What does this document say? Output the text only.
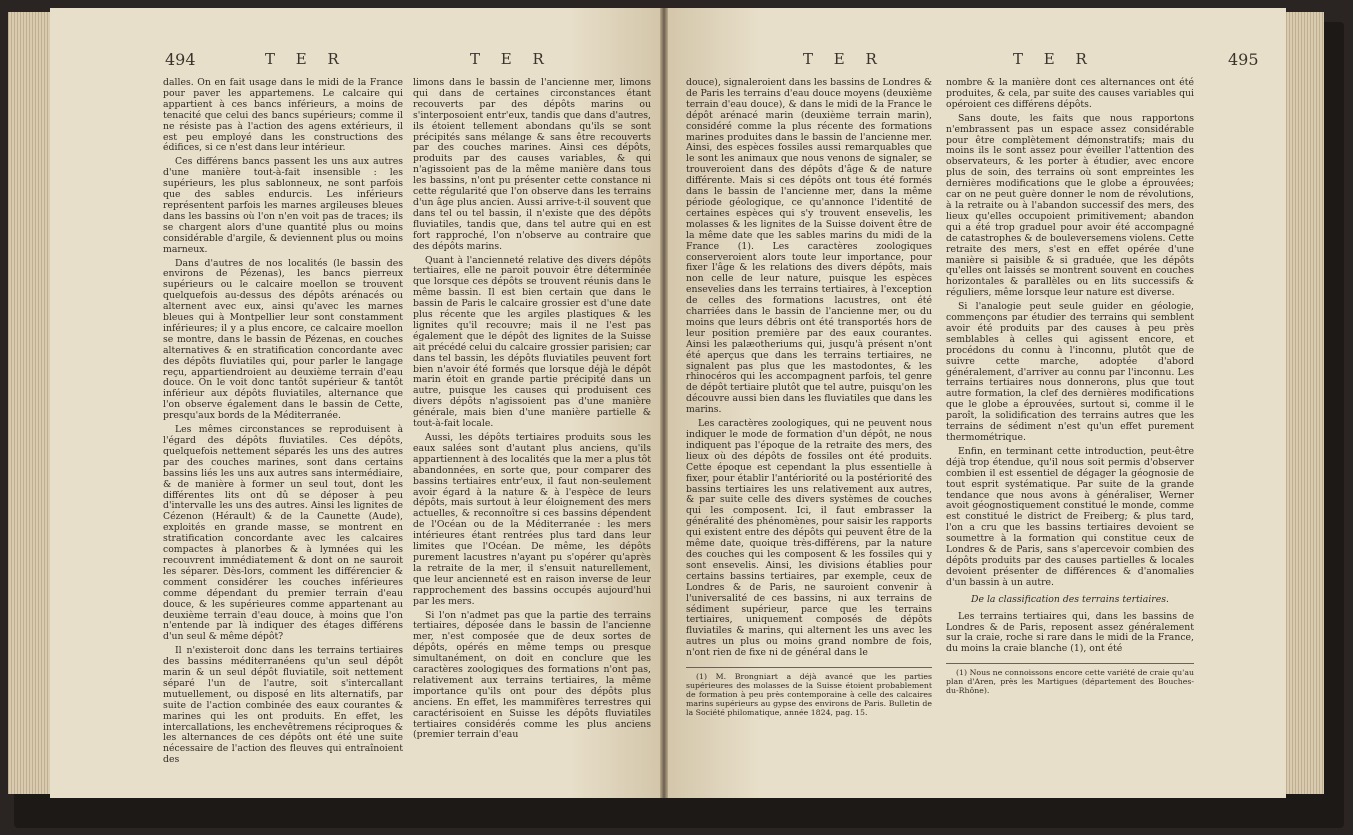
494	T E R	T E R

dalles. On en fait usage dans le midi de la France pour paver les appartemens. Le calcaire qui appartient à ces bancs inférieurs, a moins de tenacité que celui des bancs supérieurs; comme il ne résiste pas à l'action des agens extérieurs, il est peu employé dans les constructions des édifices, si ce n'est dans leur intérieur.

Ces différens bancs passent les uns aux autres d'une manière tout-à-fait insensible : les supérieurs, les plus sablonneux, ne sont parfois que des sables endurcis. Les inférieurs représentent parfois les marnes argileuses bleues dans les bassins où l'on n'en voit pas de traces; ils se chargent alors d'une quantité plus ou moins considérable d'argile, & deviennent plus ou moins marneux.

Dans d'autres de nos localités (le bassin des environs de Pézenas), les bancs pierreux supérieurs ou le calcaire moellon se trouvent quelquefois au-dessus des dépôts arénacés ou alternent avec eux, ainsi qu'avec les marnes bleues qui à Montpellier leur sont constamment inférieures; il y a plus encore, ce calcaire moellon se montre, dans le bassin de Pézenas, en couches alternatives & en stratification concordante avec des dépôts fluviatiles qui, pour parler le langage reçu, appartiendroient au deuxième terrain d'eau douce. On le voit donc tantôt supérieur & tantôt inférieur aux dépôts fluviatiles, alternance que l'on observe également dans le bassin de Cette, presqu'aux bords de la Méditerranée.

Les mêmes circonstances se reproduisent à l'égard des dépôts fluviatiles. Ces dépôts, quelquefois nettement séparés les uns des autres par des couches marines, sont dans certains bassins liés les uns aux autres sans intermédiaire, & de manière à former un seul tout, dont les différentes lits ont dû se déposer à peu d'intervalle les uns des autres. Ainsi les lignites de Cézenon (Hérault) & de la Caunette (Aude), exploités en grande masse, se montrent en stratification concordante avec les calcaires compactes à planorbes & à lymnées qui les recouvrent immédiatement & dont on ne sauroit les séparer. Dès-lors, comment les différencier & comment considérer les couches inférieures comme dépendant du premier terrain d'eau douce, & les supérieures comme appartenant au deuxième terrain d'eau douce, à moins que l'on n'entende par là indiquer des étages différens d'un seul & même dépôt?

Il n'existeroit donc dans les terrains tertiaires des bassins méditerranéens qu'un seul dépôt marin & un seul dépôt fluviatile, soit nettement séparé l'un de l'autre, soit s'intercallant mutuellement, ou disposé en lits alternatifs, par suite de l'action combinée des eaux courantes & marines qui les ont produits. En effet, les intercallations, les enchevêtremens réciproques & les alternances de ces dépôts ont été une suite nécessaire de l'action des fleuves qui entraînoient des

limons dans le bassin de l'ancienne mer, limons qui dans de certaines circonstances étant recouverts par des dépôts marins ou s'interposoient entr'eux, tandis que dans d'autres, ils étoient tellement abondans qu'ils se sont précipités sans mélange & sans être recouverts par des couches marines. Ainsi ces dépôts, produits par des causes variables, & qui n'agissoient pas de la même manière dans tous les bassins, n'ont pu présenter cette constance ni cette régularité que l'on observe dans les terrains d'un âge plus ancien. Aussi arrive-t-il souvent que dans tel ou tel bassin, il n'existe que des dépôts fluviatiles, tandis que, dans tel autre qui en est fort rapproché, l'on n'observe au contraire que des dépôts marins.

Quant à l'ancienneté relative des divers dépôts tertiaires, elle ne paroit pouvoir être déterminée que lorsque ces dépôts se trouvent réunis dans le même bassin. Il est bien certain que dans le bassin de Paris le calcaire grossier est d'une date plus récente que les argiles plastiques & les lignites qu'il recouvre; mais il ne l'est pas également que le dépôt des lignites de la Suisse ait précédé celui du calcaire grossier parisien; car dans tel bassin, les dépôts fluviatiles peuvent fort bien n'avoir été formés que lorsque déjà le dépôt marin étoit en grande partie précipité dans un autre, puisque les causes qui produisent ces divers dépôts n'agissoient pas d'une manière générale, mais bien d'une manière partielle & tout-à-fait locale.

Aussi, les dépôts tertiaires produits sous les eaux salées sont d'autant plus anciens, qu'ils appartiennent à des localités que la mer a plus tôt abandonnées, en sorte que, pour comparer des bassins tertiaires entr'eux, il faut non-seulement avoir égard à la nature & à l'espèce de leurs dépôts, mais surtout à leur éloignement des mers actuelles, & reconnoître si ces bassins dépendent de l'Océan ou de la Méditerranée : les mers intérieures étant rentrées plus tard dans leur limites que l'Océan. De même, les dépôts purement lacustres n'ayant pu s'opérer qu'après la retraite de la mer, il s'ensuit naturellement, que leur ancienneté est en raison inverse de leur rapprochement des bassins occupés aujourd'hui par les mers.

Si l'on n'admet pas que la partie des terrains tertiaires, déposée dans le bassin de l'ancienne mer, n'est composée que de deux sortes de dépôts, opérés en même temps ou presque simultanément, on doit en conclure que les caractères zoologiques des formations n'ont pas, relativement aux terrains tertiaires, la même importance qu'ils ont pour des dépôts plus anciens. En effet, les mammifères terrestres qui caractérisoient en Suisse les dépôts fluviatiles tertiaires considérés comme les plus anciens (premier terrain d'eau

T E R	T E R	495

douce), signaleroient dans les bassins de Londres & de Paris les terrains d'eau douce moyens (deuxième terrain d'eau douce), & dans le midi de la France le dépôt arénacé marin (deuxième terrain marin), considéré comme la plus récente des formations marines produites dans le bassin de l'ancienne mer. Ainsi, des espèces fossiles aussi remarquables que le sont les animaux que nous venons de signaler, se trouveroient dans des dépôts d'âge & de nature différente. Mais si ces dépôts ont tous été formés dans le bassin de l'ancienne mer, dans la même période géologique, ce qu'annonce l'identité de certaines espèces qui s'y trouvent ensevelis, les molasses & les lignites de la Suisse doivent être de la même date que les sables marins du midi de la France (1). Les caractères zoologiques conserveroient alors toute leur importance, pour fixer l'âge & les relations des divers dépôts, mais non celle de leur nature, puisque les espèces ensevelies dans les terrains tertiaires, à l'exception de celles des formations lacustres, ont été charriées dans le bassin de l'ancienne mer, ou du moins que leurs débris ont été transportés hors de leur position première par des eaux courantes. Ainsi les palæotheriums qui, jusqu'à présent n'ont été aperçus que dans les terrains tertiaires, ne signalent pas plus que les mastodontes, & les rhinocéros qui les accompagnent parfois, tel genre de dépôt tertiaire plutôt que tel autre, puisqu'on les découvre aussi bien dans les fluviatiles que dans les marins.

Les caractères zoologiques, qui ne peuvent nous indiquer le mode de formation d'un dépôt, ne nous indiquent pas l'époque de la retraite des mers, des lieux où des dépôts de fossiles ont été produits. Cette époque est cependant la plus essentielle à fixer, pour établir l'antériorité ou la postériorité des bassins tertiaires les uns relativement aux autres, & par suite celle des divers systèmes de couches qui les composent. Ici, il faut embrasser la généralité des phénomènes, pour saisir les rapports qui existent entre des dépôts qui peuvent être de la même date, quoique très-différens, par la nature des couches qui les composent & les fossiles qui y sont ensevelis. Ainsi, les divisions établies pour certains bassins tertiaires, par exemple, ceux de Londres & de Paris, ne sauroient convenir à l'universalité de ces bassins, ni aux terrains de sédiment supérieur, parce que les terrains tertiaires, uniquement composés de dépôts fluviatiles & marins, qui alternent les uns avec les autres un plus ou moins grand nombre de fois, n'ont rien de fixe ni de général dans le

(1) M. Brongniart a déjà avancé que les parties supérieures des molasses de la Suisse étoient probablement de formation à peu près contemporaine à celle des calcaires marins supérieurs au gypse des environs de Paris. Bulletin de la Société philomatique, année 1824, pag. 15.

nombre & la manière dont ces alternances ont été produites, & cela, par suite des causes variables qui opéroient ces différens dépôts.

Sans doute, les faits que nous rapportons n'embrassent pas un espace assez considérable pour être complètement démonstratifs; mais du moins ils le sont assez pour éveiller l'attention des observateurs, & les porter à étudier, avec encore plus de soin, des terrains où sont empreintes les dernières modifications que le globe a éprouvées; car on ne peut guère donner le nom de révolutions, à la retraite ou à l'abandon successif des mers, des lieux qu'elles occupoient primitivement; abandon qui a été trop graduel pour avoir été accompagné de catastrophes & de bouleversemens violens. Cette retraite des mers, s'est en effet opérée d'une manière si paisible & si graduée, que les dépôts qu'elles ont laissés se montrent souvent en couches horizontales & parallèles ou en lits successifs & réguliers, même lorsque leur nature est diverse.

Si l'analogie peut seule guider en géologie, commençons par étudier des terrains qui semblent avoir été produits par des causes à peu près semblables à celles qui agissent encore, et procédons du connu à l'inconnu, plutôt que de suivre cette marche, adoptée d'abord généralement, d'arriver au connu par l'inconnu. Les terrains tertiaires nous donnerons, plus que tout autre formation, la clef des dernières modifications que le globe a éprouvées, surtout si, comme il le paroît, la solidification des terrains autres que les terrains de sédiment n'est qu'un effet purement thermométrique.

Enfin, en terminant cette introduction, peut-être déjà trop étendue, qu'il nous soit permis d'observer combien il est essentiel de dégager la géognosie de tout esprit systématique. Par suite de la grande tendance que nous avons à généraliser, Werner avoit géognostiquement constitué le monde, comme est constitué le district de Freiberg; & plus tard, l'on a cru que les bassins tertiaires devoient se soumettre à la formation qui constitue ceux de Londres & de Paris, sans s'apercevoir combien des dépôts produits par des causes partielles & locales devoient présenter de différences & d'anomalies d'un bassin à un autre.

De la classification des terrains tertiaires.

Les terrains tertiaires qui, dans les bassins de Londres & de Paris, reposent assez généralement sur la craie, roche si rare dans le midi de la France, du moins la craie blanche (1), ont été

(1) Nous ne connoissons encore cette variété de craie qu'au plan d'Aren, près les Martigues (département des Bouches-du-Rhône).
